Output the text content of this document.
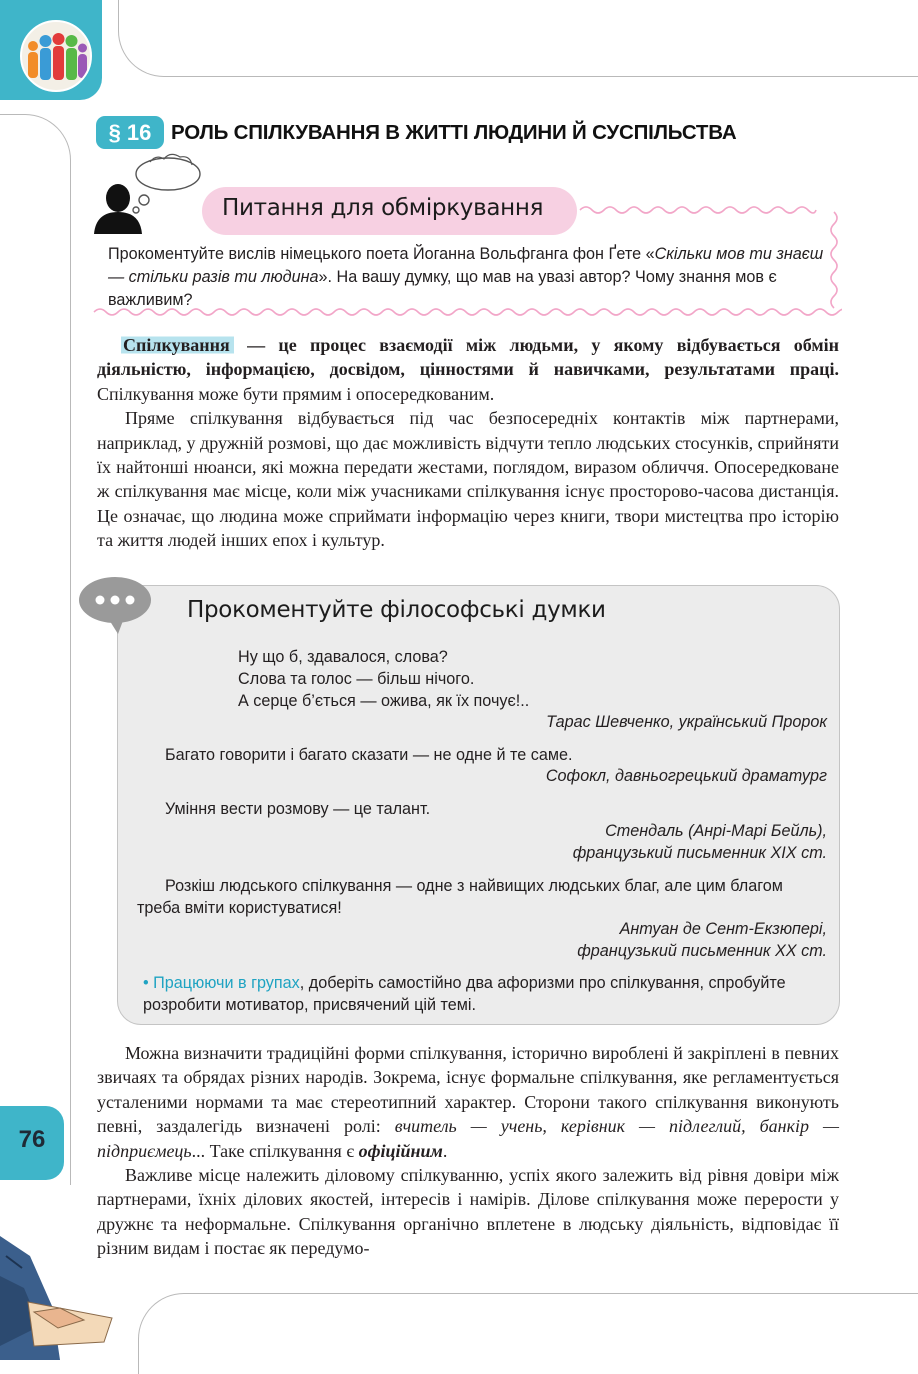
§ 16 РОЛЬ СПІЛКУВАННЯ В ЖИТТІ ЛЮДИНИ Й СУСПІЛЬСТВА
Питання для обміркування
Прокоментуйте вислів німецького поета Йоганна Вольфганга фон Ґете «Скільки мов ти знаєш — стільки разів ти людина». На вашу думку, що мав на увазі автор? Чому знання мов є важливим?

Спілкування — це процес взаємодії між людьми, у якому відбувається обмін діяльністю, інформацією, досвідом, цінностями й навичками, результатами праці. Спілкування може бути прямим і опосередкованим.

Пряме спілкування відбувається під час безпосередніх контактів між партнерами, наприклад, у дружній розмові, що дає можливість відчути тепло людських стосунків, сприйняти їх найтонші нюанси, які можна передати жестами, поглядом, виразом обличчя. Опосередковане ж спілкування має місце, коли між учасниками спілкування існує просторово-часова дистанція. Це означає, що людина може сприймати інформацію через книги, твори мистецтва про історію та життя людей інших епох і культур.

Прокоментуйте філософські думки
Ну що б, здавалося, слова?
Слова та голос — більш нічого.
А серце б’ється — ожива, як їх почує!..
Тарас Шевченко, український Пророк
Багато говорити і багато сказати — не одне й те саме.
Софокл, давньогрецький драматург
Уміння вести розмову — це талант.
Стендаль (Анрі-Марі Бейль),
французький письменник XIX ст.
Розкіш людського спілкування — одне з найвищих людських благ, але цим благом
треба вміти користуватися!
Антуан де Сент-Екзюпері,
французький письменник XX ст.
• Працюючи в групах, доберіть самостійно два афоризми про спілкування, спробуйте
розробити мотиватор, присвячений цій темі.

Можна визначити традиційні форми спілкування, історично вироблені й закріплені в певних звичаях та обрядах різних народів. Зокрема, існує формальне спілкування, яке регламентується усталеними нормами та має стереотипний характер. Сторони такого спілкування виконують певні, заздалегідь визначені ролі: вчитель — учень, керівник — підлеглий, банкір — підприємець... Таке спілкування є офіційним.

Важливе місце належить діловому спілкуванню, успіх якого залежить від рівня довіри між партнерами, їхніх ділових якостей, інтересів і намірів. Ділове спілкування може перерости у дружнє та неформальне. Спілкування органічно вплетене в людську діяльність, відповідає її різним видам і постає як передумо-

76
